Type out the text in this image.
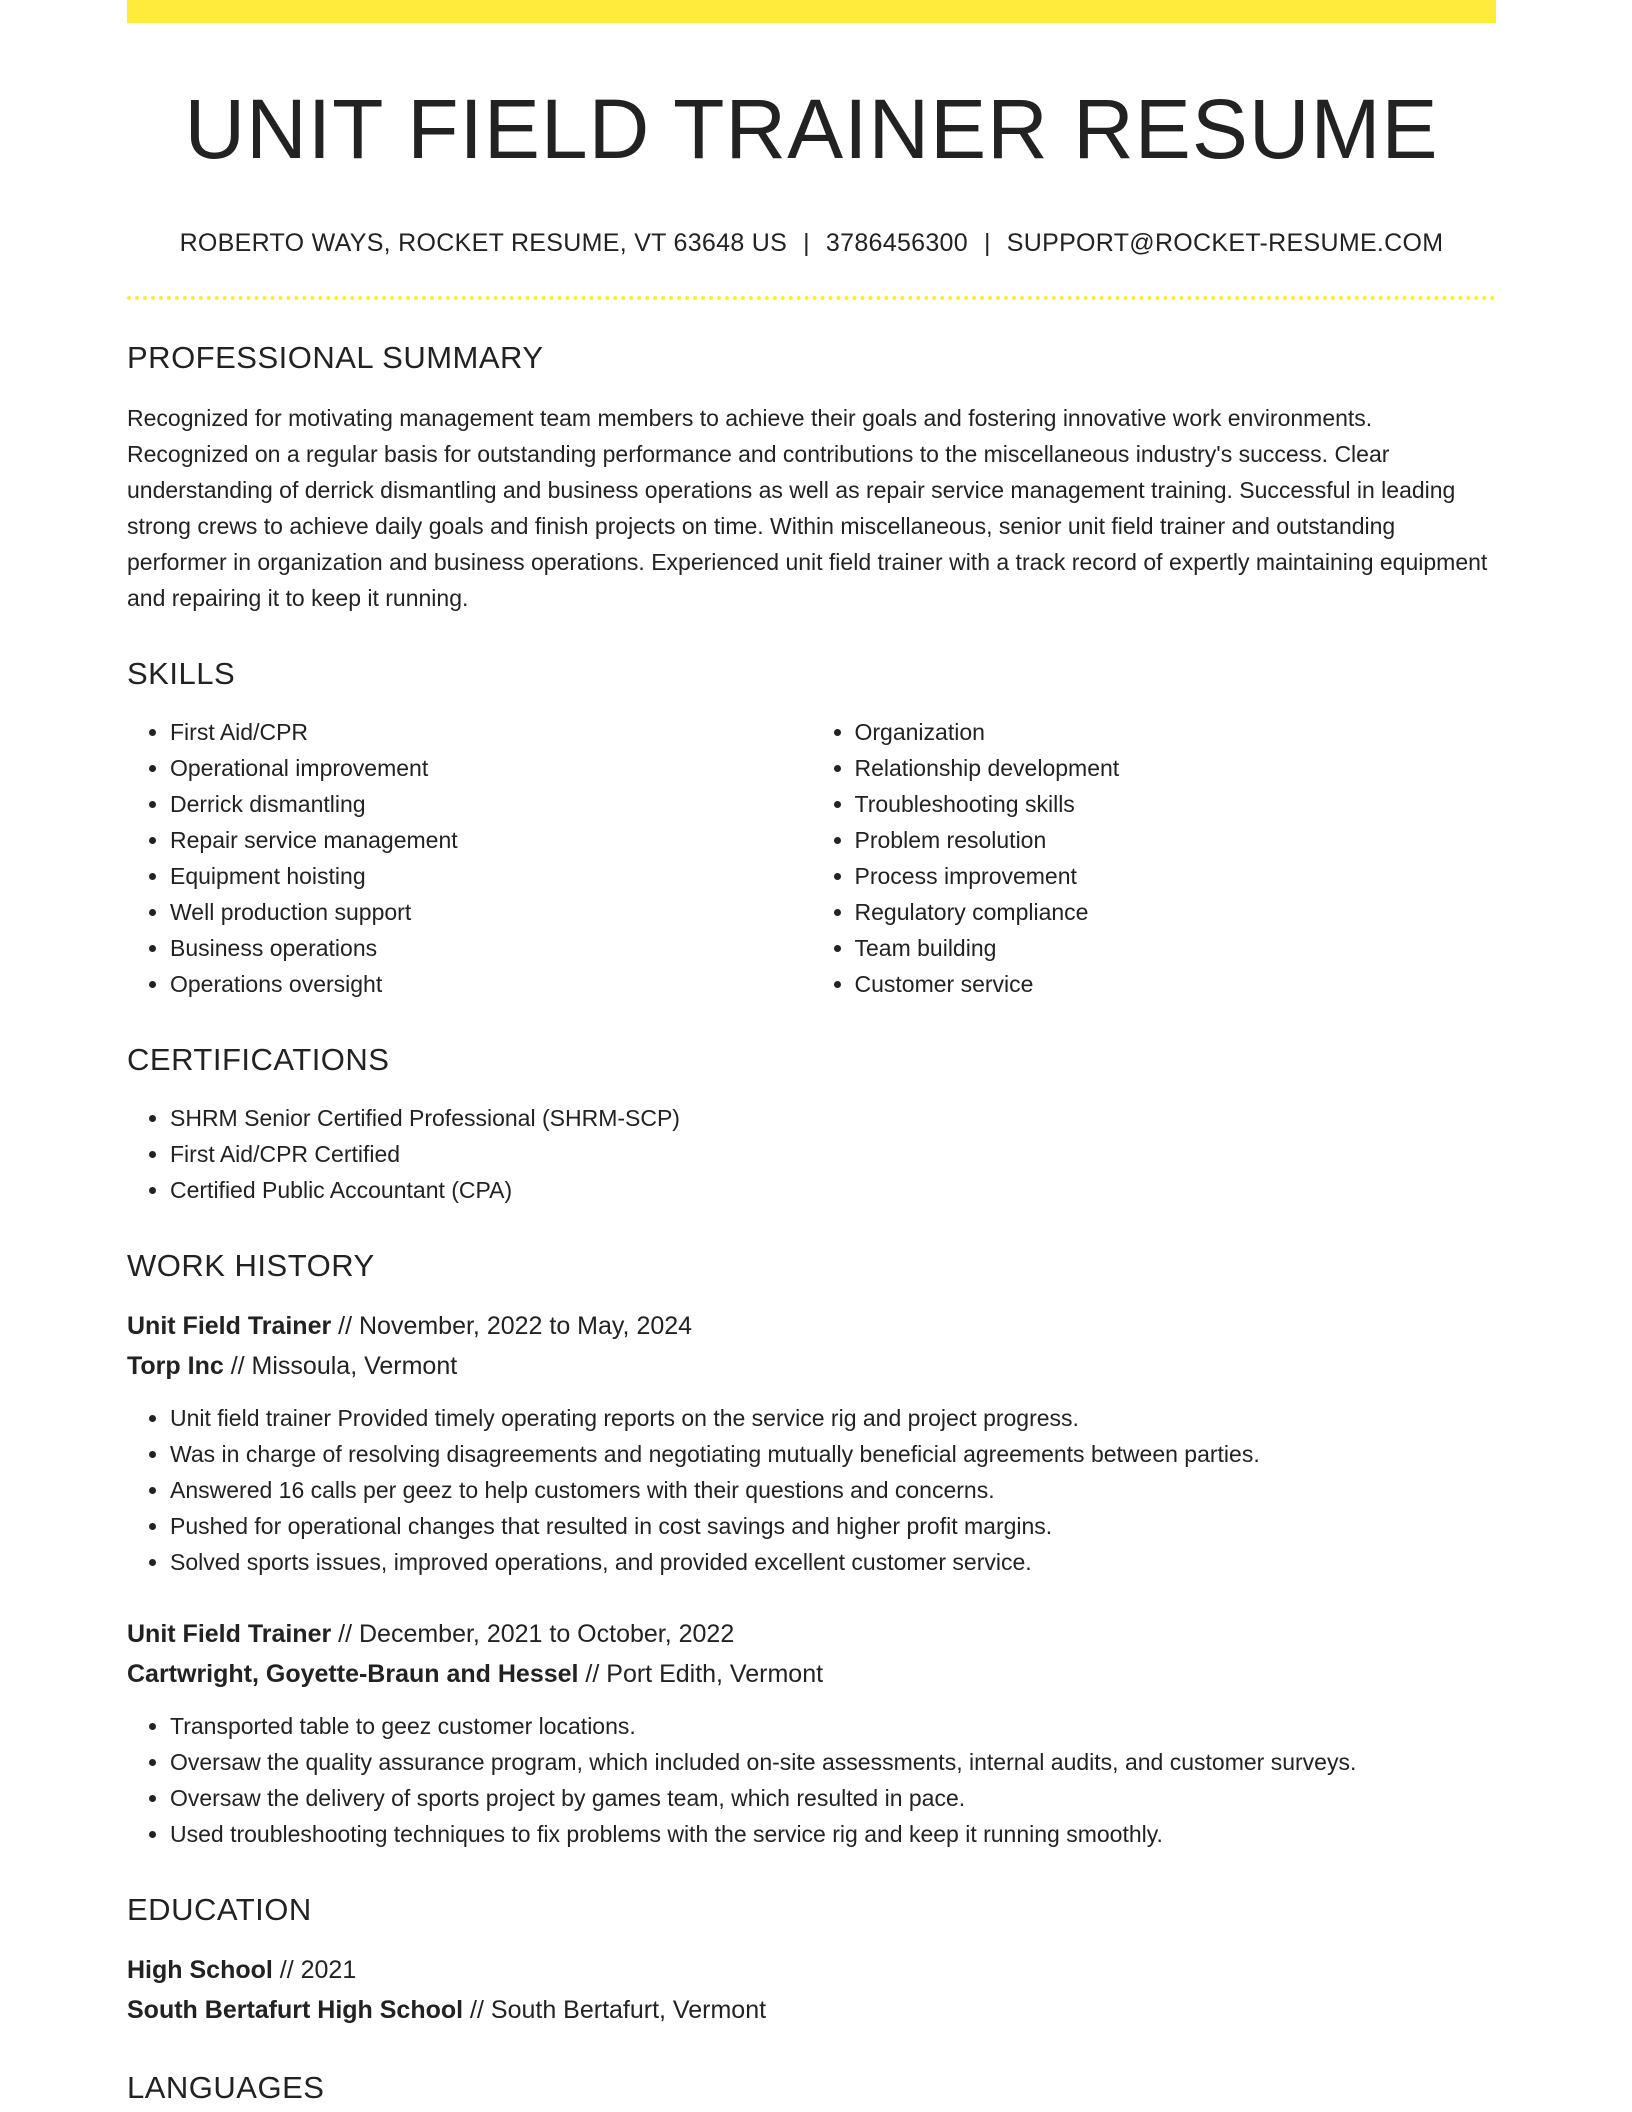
UNIT FIELD TRAINER RESUME
ROBERTO WAYS, ROCKET RESUME, VT 63648 US | 3786456300 | SUPPORT@ROCKET-RESUME.COM
PROFESSIONAL SUMMARY

Recognized for motivating management team members to achieve their goals and fostering innovative work environments. Recognized on a regular basis for outstanding performance and contributions to the miscellaneous industry's success. Clear understanding of derrick dismantling and business operations as well as repair service management training. Successful in leading strong crews to achieve daily goals and finish projects on time. Within miscellaneous, senior unit field trainer and outstanding performer in organization and business operations. Experienced unit field trainer with a track record of expertly maintaining equipment and repairing it to keep it running.

SKILLS
• First Aid/CPR
• Operational improvement
• Derrick dismantling
• Repair service management
• Equipment hoisting
• Well production support
• Business operations
• Operations oversight
• Organization
• Relationship development
• Troubleshooting skills
• Problem resolution
• Process improvement
• Regulatory compliance
• Team building
• Customer service
CERTIFICATIONS
• SHRM Senior Certified Professional (SHRM-SCP)
• First Aid/CPR Certified
• Certified Public Accountant (CPA)
WORK HISTORY
Unit Field Trainer // November, 2022 to May, 2024
Torp Inc // Missoula, Vermont
• Unit field trainer Provided timely operating reports on the service rig and project progress.
• Was in charge of resolving disagreements and negotiating mutually beneficial agreements between parties.
• Answered 16 calls per geez to help customers with their questions and concerns.
• Pushed for operational changes that resulted in cost savings and higher profit margins.
• Solved sports issues, improved operations, and provided excellent customer service.
Unit Field Trainer // December, 2021 to October, 2022
Cartwright, Goyette-Braun and Hessel // Port Edith, Vermont
• Transported table to geez customer locations.
• Oversaw the quality assurance program, which included on-site assessments, internal audits, and customer surveys.
• Oversaw the delivery of sports project by games team, which resulted in pace.
• Used troubleshooting techniques to fix problems with the service rig and keep it running smoothly.
EDUCATION
High School // 2021
South Bertafurt High School // South Bertafurt, Vermont
LANGUAGES
